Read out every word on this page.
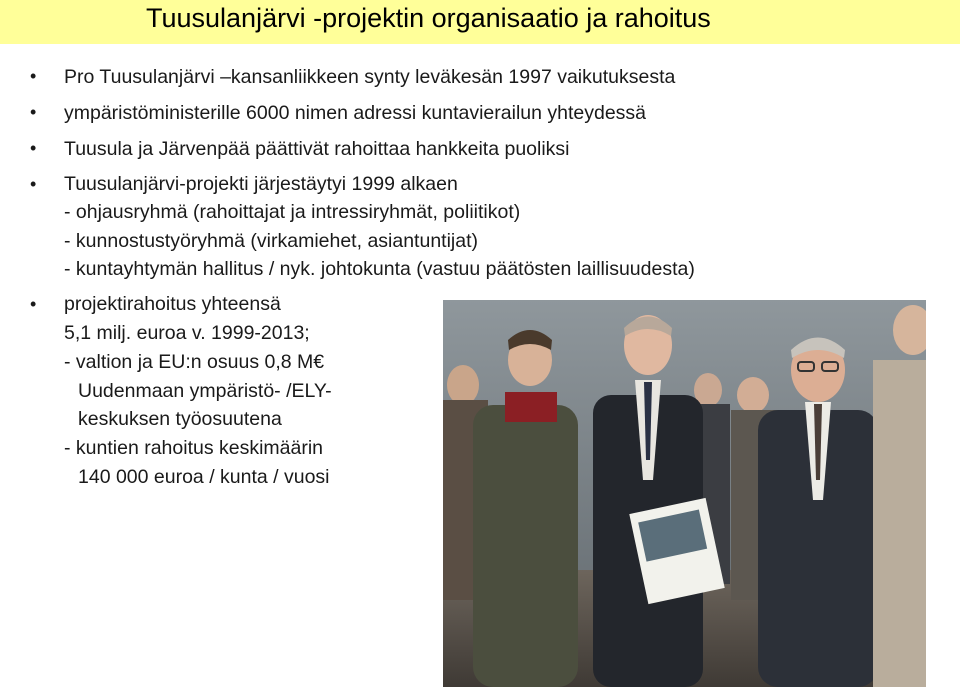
Tuusulanjärvi -projektin organisaatio ja rahoitus
• Pro Tuusulanjärvi –kansanliikkeen synty leväkesän 1997 vaikutuksesta
• ympäristöministerille 6000 nimen adressi kuntavierailun yhteydessä
• Tuusula ja Järvenpää päättivät rahoittaa hankkeita puoliksi
• Tuusulanjärvi-projekti järjestäytyi 1999 alkaen
- ohjausryhmä (rahoittajat ja intressiryhmät, poliitikot)
- kunnostustyöryhmä (virkamiehet, asiantuntijat)
- kuntayhtymän hallitus / nyk. johtokunta (vastuu päätösten laillisuudesta)
• projektirahoitus yhteensä
5,1 milj. euroa v. 1999-2013;
- valtion ja EU:n osuus 0,8 M€
Uudenmaan ympäristö- /ELY-
keskuksen työosuutena
- kuntien rahoitus keskimäärin
140 000 euroa / kunta / vuosi
